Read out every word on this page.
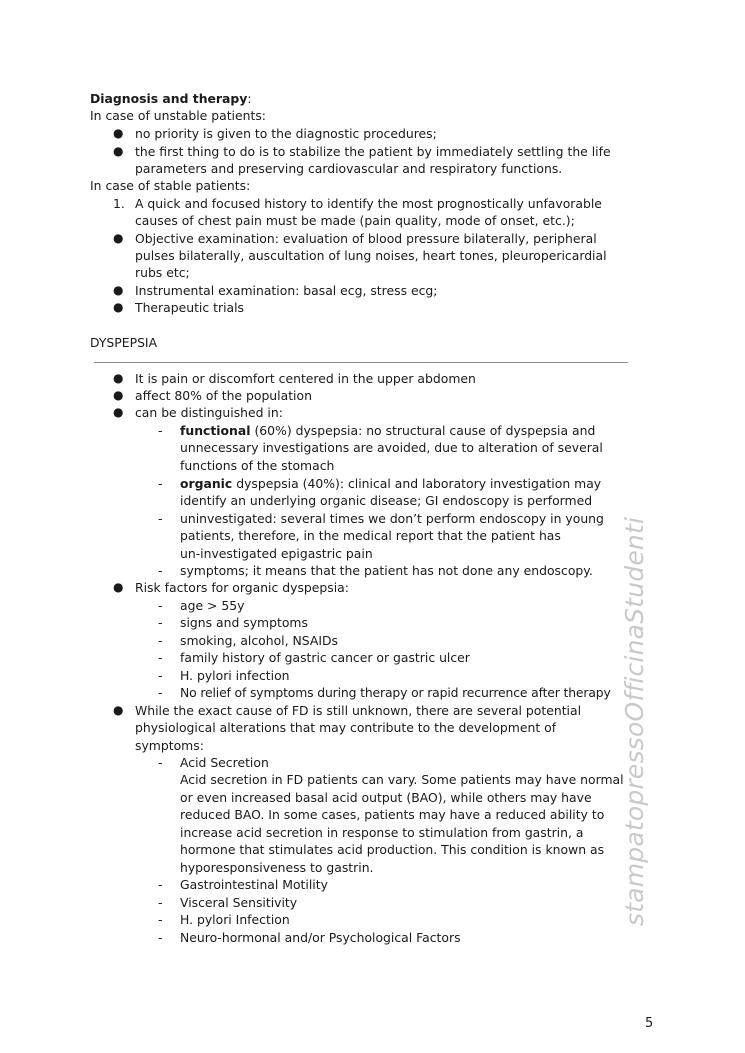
Diagnosis and therapy:
In case of unstable patients:
● no priority is given to the diagnostic procedures;
● the first thing to do is to stabilize the patient by immediately settling the life
parameters and preserving cardiovascular and respiratory functions.
In case of stable patients:
1. A quick and focused history to identify the most prognostically unfavorable
causes of chest pain must be made (pain quality, mode of onset, etc.);
● Objective examination: evaluation of blood pressure bilaterally, peripheral
pulses bilaterally, auscultation of lung noises, heart tones, pleuropericardial
rubs etc;
● Instrumental examination: basal ecg, stress ecg;
● Therapeutic trials
DYSPEPSIA
● It is pain or discomfort centered in the upper abdomen
● affect 80% of the population
● can be distinguished in:
- functional (60%) dyspepsia: no structural cause of dyspepsia and
unnecessary investigations are avoided, due to alteration of several
functions of the stomach
- organic dyspepsia (40%): clinical and laboratory investigation may
identify an underlying organic disease; GI endoscopy is performed
- uninvestigated: several times we don’t perform endoscopy in young
patients, therefore, in the medical report that the patient has
un-investigated epigastric pain
- symptoms; it means that the patient has not done any endoscopy.
● Risk factors for organic dyspepsia:
- age > 55y
- signs and symptoms
- smoking, alcohol, NSAIDs
- family history of gastric cancer or gastric ulcer
- H. pylori infection
- No relief of symptoms during therapy or rapid recurrence after therapy
● While the exact cause of FD is still unknown, there are several potential
physiological alterations that may contribute to the development of
symptoms:
- Acid Secretion
Acid secretion in FD patients can vary. Some patients may have normal
or even increased basal acid output (BAO), while others may have
reduced BAO. In some cases, patients may have a reduced ability to
increase acid secretion in response to stimulation from gastrin, a
hormone that stimulates acid production. This condition is known as
hyporesponsiveness to gastrin.
- Gastrointestinal Motility
- Visceral Sensitivity
- H. pylori Infection
- Neuro-hormonal and/or Psychological Factors
stampatopressoOfficinaStudenti
5
